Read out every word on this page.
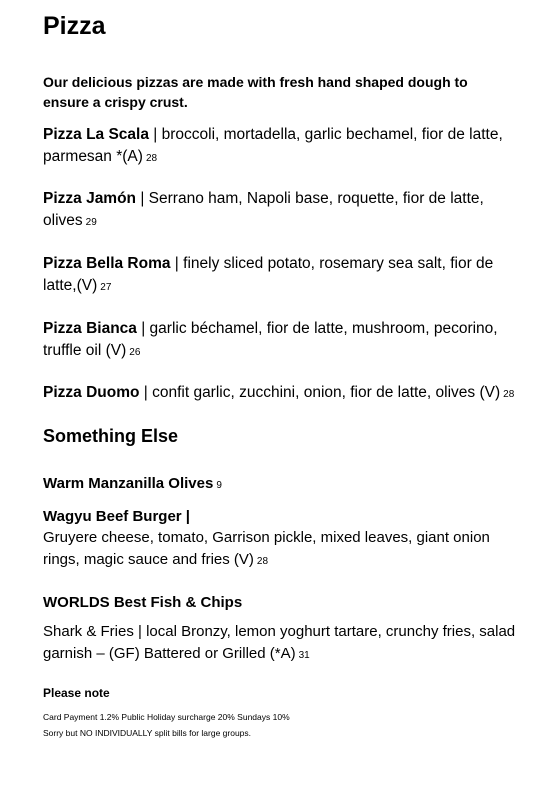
Pizza

Our delicious pizzas are made with fresh hand shaped dough to ensure a crispy crust.

Pizza La Scala | broccoli, mortadella, garlic bechamel, fior de latte, parmesan *(A) 28

Pizza Jamón | Serrano ham, Napoli base, roquette, fior de latte, olives 29

Pizza Bella Roma | finely sliced potato, rosemary sea salt, fior de latte,(V) 27

Pizza Bianca | garlic béchamel, fior de latte, mushroom, pecorino, truffle oil (V) 26

Pizza Duomo | confit garlic, zucchini, onion, fior de latte, olives (V) 28

Something Else

Warm Manzanilla Olives 9

Wagyu Beef Burger |

Gruyere cheese, tomato, Garrison pickle, mixed leaves, giant onion rings, magic sauce and fries (V) 28

WORLDS Best Fish & Chips

Shark & Fries | local Bronzy, lemon yoghurt tartare, crunchy fries, salad garnish – (GF) Battered or Grilled (*A) 31

Please note

Card Payment 1.2% Public Holiday surcharge 20% Sundays 10%

Sorry but NO INDIVIDUALLY split bills for large groups.
